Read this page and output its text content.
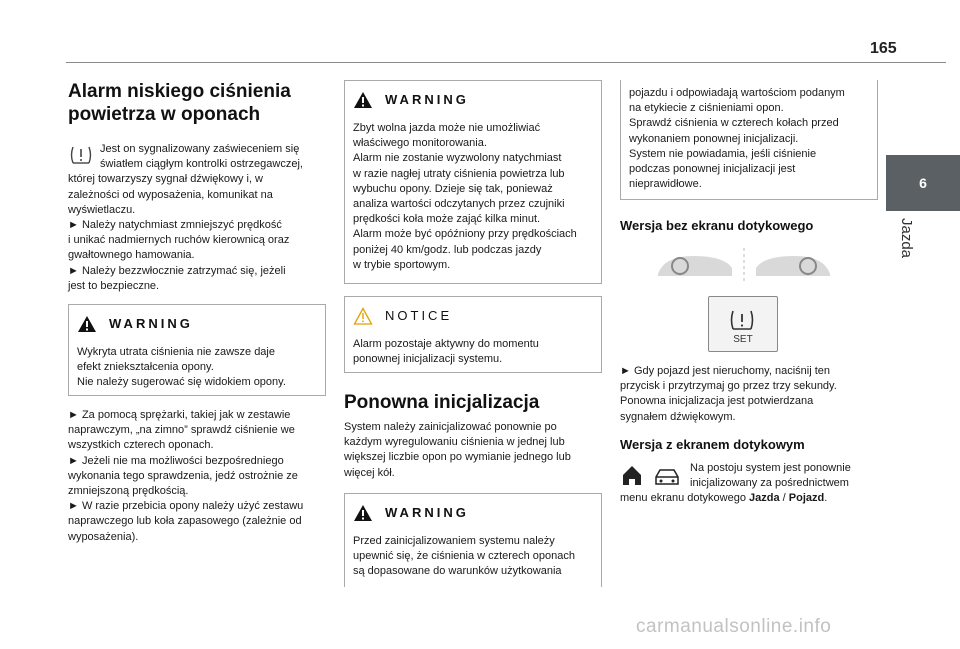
165
6
Jazda
Alarm niskiego ciśnienia powietrza w oponach
Jest on sygnalizowany zaświeceniem się
światłem ciągłym kontrolki ostrzegawczej,
której towarzyszy sygnał dźwiękowy i, w
zależności od wyposażenia, komunikat na
wyświetlaczu.
► Należy natychmiast zmniejszyć prędkość
i unikać nadmiernych ruchów kierownicą oraz
gwałtownego hamowania.
► Należy bezzwłocznie zatrzymać się, jeżeli
jest to bezpieczne.
WARNING
Wykryta utrata ciśnienia nie zawsze daje
efekt zniekształcenia opony.
Nie należy sugerować się widokiem opony.
► Za pomocą sprężarki, takiej jak w zestawie
naprawczym, „na zimno” sprawdź ciśnienie we
wszystkich czterech oponach.
► Jeżeli nie ma możliwości bezpośredniego
wykonania tego sprawdzenia, jedź ostrożnie ze
zmniejszoną prędkością.
► W razie przebicia opony należy użyć zestawu
naprawczego lub koła zapasowego (zależnie od
wyposażenia).
WARNING
Zbyt wolna jazda może nie umożliwiać
właściwego monitorowania.
Alarm nie zostanie wyzwolony natychmiast
w razie nagłej utraty ciśnienia powietrza lub
wybuchu opony. Dzieje się tak, ponieważ
analiza wartości odczytanych przez czujniki
prędkości koła może zająć kilka minut.
Alarm może być opóźniony przy prędkościach
poniżej 40 km/godz. lub podczas jazdy
w trybie sportowym.
NOTICE
Alarm pozostaje aktywny do momentu
ponownej inicjalizacji systemu.
Ponowna inicjalizacja
System należy zainicjalizować ponownie po
każdym wyregulowaniu ciśnienia w jednej lub
większej liczbie opon po wymianie jednego lub
więcej kół.
WARNING
Przed zainicjalizowaniem systemu należy
upewnić się, że ciśnienia w czterech oponach
są dopasowane do warunków użytkowania
pojazdu i odpowiadają wartościom podanym
na etykiecie z ciśnieniami opon.
Sprawdź ciśnienia w czterech kołach przed
wykonaniem ponownej inicjalizacji.
System nie powiadamia, jeśli ciśnienie
podczas ponownej inicjalizacji jest
nieprawidłowe.
Wersja bez ekranu dotykowego
SET
► Gdy pojazd jest nieruchomy, naciśnij ten
przycisk i przytrzymaj go przez trzy sekundy.
Ponowna inicjalizacja jest potwierdzana
sygnałem dźwiękowym.
Wersja z ekranem dotykowym
Na postoju system jest ponownie
inicjalizowany za pośrednictwem
menu ekranu dotykowego Jazda / Pojazd.
carmanualsonline.info
